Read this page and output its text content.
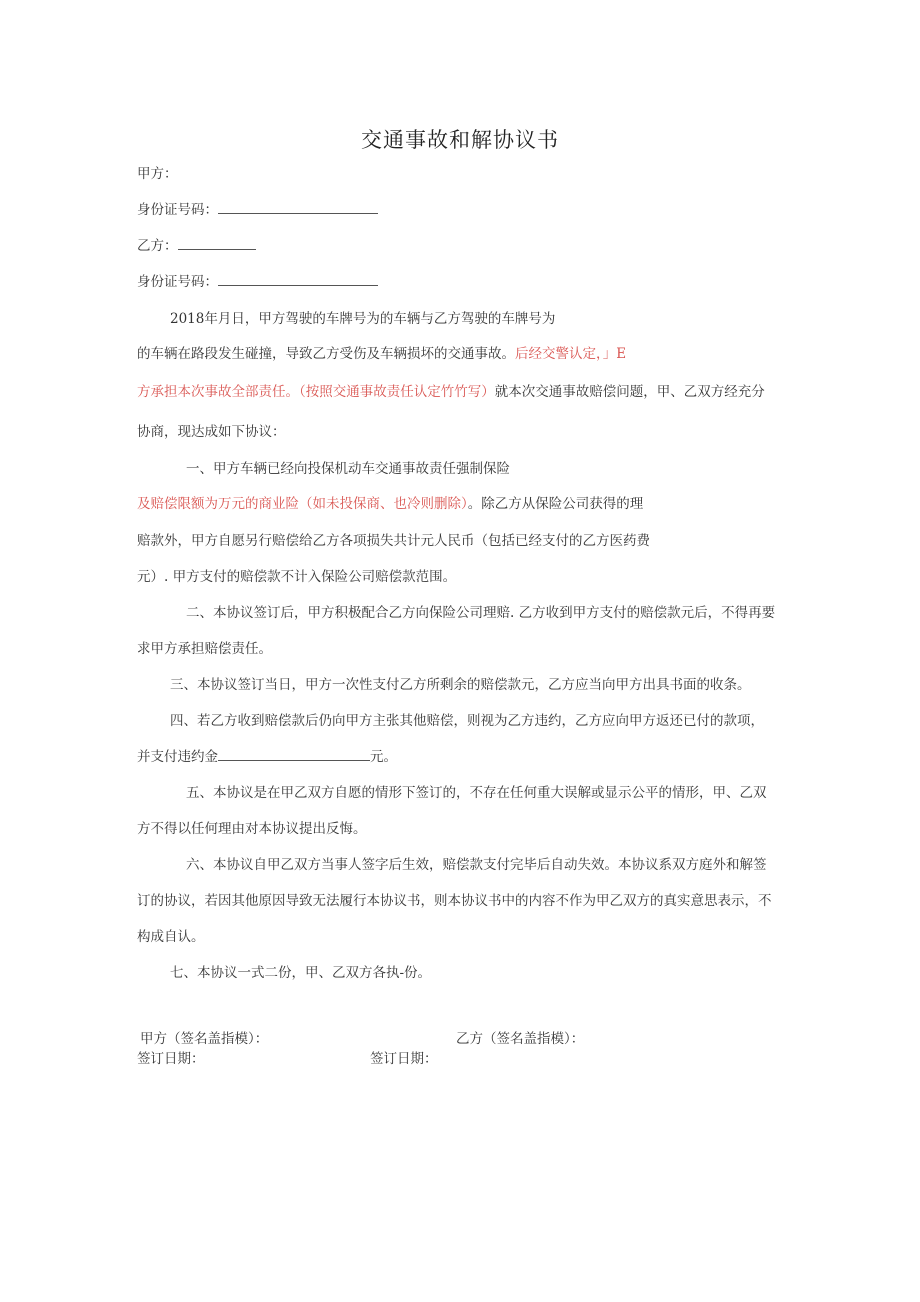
交通事故和解协议书
甲方：
身份证号码：
乙方：
身份证号码：
2018年月日，甲方驾驶的车牌号为的车辆与乙方驾驶的车牌号为
的车辆在路段发生碰撞，导致乙方受伤及车辆损坏的交通事故。后经交警认定，」E
方承担本次事故全部责任。（按照交通事故责任认定竹竹写）就本次交通事故赔偿问题，甲、乙双方经充分
协商，现达成如下协议：
一、甲方车辆已经向投保机动车交通事故责任强制保险
及赔偿限额为万元的商业险（如未投保商、也冷则删除）。除乙方从保险公司获得的理
赔款外，甲方自愿另行赔偿给乙方各项损失共计元人民币（包括已经支付的乙方医药费
元）. 甲方支付的赔偿款不计入保险公司赔偿款范围。
二、本协议签订后，甲方积极配合乙方向保险公司理赔. 乙方收到甲方支付的赔偿款元后，不得再要
求甲方承担赔偿责任。
三、本协议签订当日，甲方一次性支付乙方所剩余的赔偿款元，乙方应当向甲方出具书面的收条。
四、若乙方收到赔偿款后仍向甲方主张其他赔偿，则视为乙方违约，乙方应向甲方返还已付的款项，
并支付违约金	元。
五、本协议是在甲乙双方自愿的情形下签订的，不存在任何重大误解或显示公平的情形，甲、乙双
方不得以任何理由对本协议提出反悔。
六、本协议自甲乙双方当事人签字后生效，赔偿款支付完毕后自动失效。本协议系双方庭外和解签
订的协议，若因其他原因导致无法履行本协议书，则本协议书中的内容不作为甲乙双方的真实意思表示，不
构成自认。
七、本协议一式二份，甲、乙双方各执-份。
甲方（签名盖指模）：	乙方（签名盖指模）：
签订日期：	签订日期：
